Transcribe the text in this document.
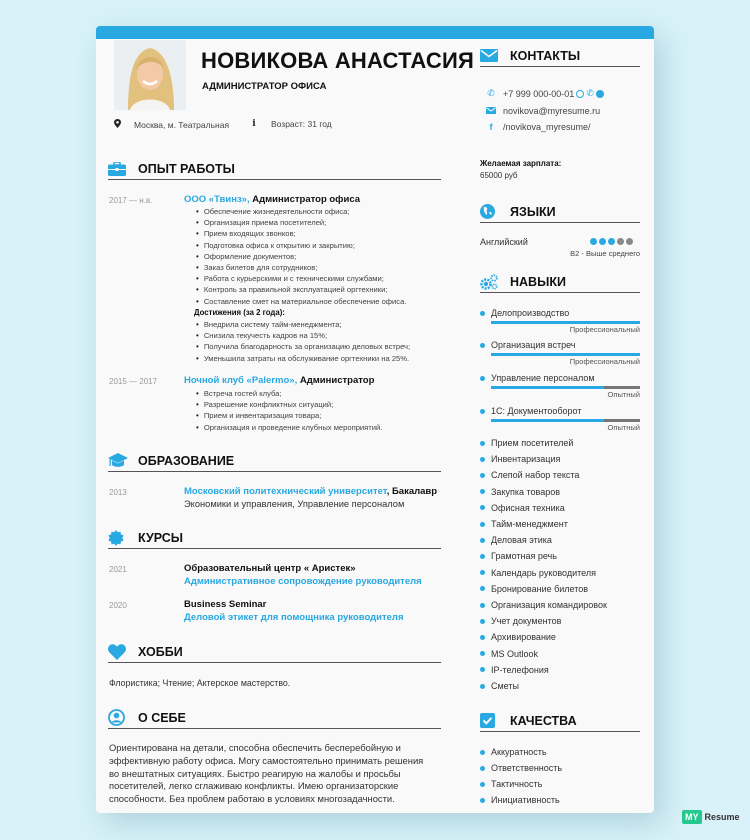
НОВИКОВА АНАСТАСИЯ
АДМИНИСТРАТОР ОФИСА
Москва, м. Театральная	i	Возраст: 31 год
ОПЫТ РАБОТЫ
2017 — н.в.	ООО «Твинз», Администратор офиса
• Обеспечение жизнедеятельности офиса;
• Организация приема посетителей;
• Прием входящих звонков;
• Подготовка офиса к открытию и закрытию;
• Оформление документов;
• Заказ билетов для сотрудников;
• Работа с курьерскими и с техническими службами;
• Контроль за правильной эксплуатацией оргтехники;
• Составление смет на материальное обеспечение офиса.
Достижения (за 2 года):
• Внедрила систему тайм-менеджмента;
• Снизила текучесть кадров на 15%;
• Получила благодарность за организацию деловых встреч;
• Уменьшила затраты на обслуживание оргтехники на 25%.
2015 — 2017	Ночной клуб «Palermo», Администратор
• Встреча гостей клуба;
• Разрешение конфликтных ситуаций;
• Прием и инвентаризация товара;
• Организация и проведение клубных мероприятий.
ОБРАЗОВАНИЕ
2013	Московский политехнический университет, Бакалавр
Экономики и управления, Управление персоналом
КУРСЫ
2021	Образовательный центр « Аристек»
Административное сопровождение руководителя
2020	Business Seminar
Деловой этикет для помощника руководителя
ХОББИ
Флористика; Чтение; Актерское мастерство.
О СЕБЕ
Ориентирована на детали, способна обеспечить бесперебойную и
эффективную работу офиса. Могу самостоятельно принимать решения
во внештатных ситуациях. Быстро реагирую на жалобы и просьбы
посетителей, легко сглаживаю конфликты. Имею организаторские
способности. Без проблем работаю в условиях многозадачности.
КОНТАКТЫ
✆ +7 999 000-00-01 ✆
novikova@myresume.ru
f	/novikova_myresume/
Желаемая зарплата:
65000 руб
ЯЗЫКИ
Английский
B2 - Выше среднего
НАВЫКИ
Делопроизводство
Профессиональный
Организация встреч
Профессиональный
Управление персоналом
Опытный
1С: Документооборот
Опытный
Прием посетителей
Инвентаризация
Слепой набор текста
Закупка товаров
Офисная техника
Тайм-менеджмент
Деловая этика
Грамотная речь
Календарь руководителя
Бронирование билетов
Организация командировок
Учет документов
Архивирование
MS Outlook
IP-телефония
Сметы
КАЧЕСТВА
Аккуратность
Ответственность
Тактичность
Инициативность
MY Resume
